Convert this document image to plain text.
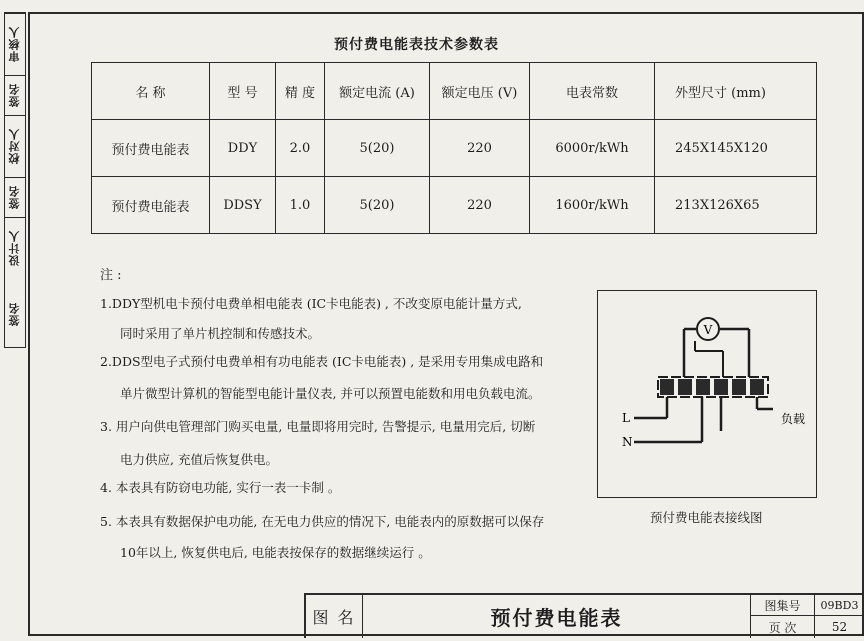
审核人
签名
校对人
签名
设计人
签名
预付费电能表技术参数表
名 称	型 号	精 度	额定电流 (A)	额定电压 (V)	电表常数	外型尺寸 (mm)
预付费电能表	DDY	2.0	5(20)	220	6000r/kWh	245X145X120
预付费电能表	DDSY	1.0	5(20)	220	1600r/kWh	213X126X65
注 :
1.DDY型机电卡预付电费单相电能表 (IC卡电能表) , 不改变原电能计量方式,
同时采用了单片机控制和传感技术。
2.DDS型电子式预付电费单相有功电能表 (IC卡电能表) , 是采用专用集成电路和
单片微型计算机的智能型电能计量仪表, 并可以预置电能数和用电负载电流。
3. 用户向供电管理部门购买电量, 电量即将用完时, 告警提示, 电量用完后, 切断
电力供应, 充值后恢复供电。
4. 本表具有防窃电功能, 实行一表一卡制 。
5. 本表具有数据保护电功能, 在无电力供应的情况下, 电能表内的原数据可以保存
10年以上, 恢复供电后, 电能表按保存的数据继续运行 。
V
L
N
负载
预付费电能表接线图
图 名	预付费电能表
图集号	09BD3
页 次	52
